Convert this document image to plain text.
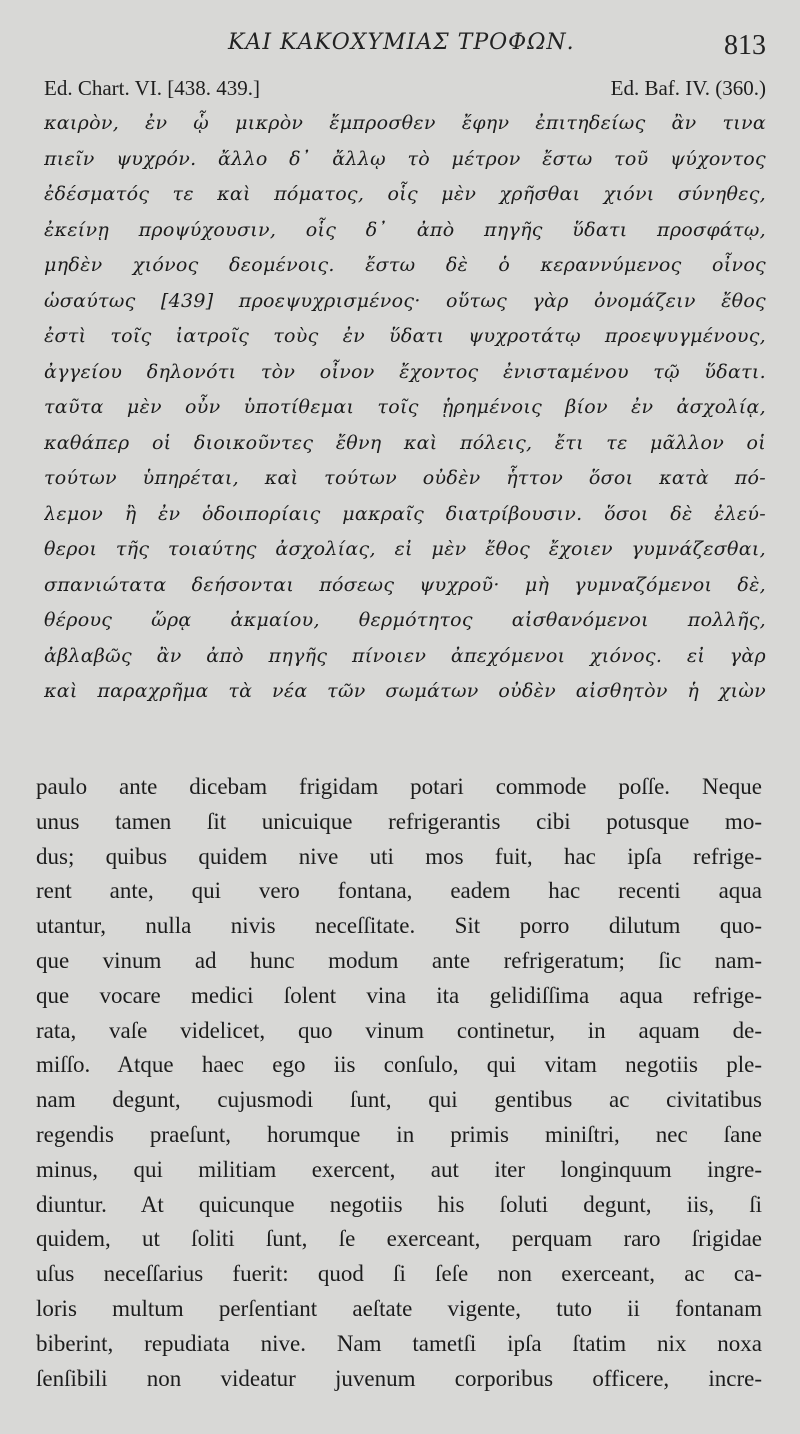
ΚΑΙ ΚΑΚΟΧΥΜΙΑΣ ΤΡΟΦΩΝ.	813
Ed. Chart. VI. [438. 439.]	Ed. Baf. IV. (360.)
καιρὸν, ἐν ᾧ μικρὸν ἔμπροσθεν ἔφην ἐπιτηδείως ἂν τινα
πιεῖν ψυχρόν. ἄλλο δ᾽ ἄλλῳ τὸ μέτρον ἔστω τοῦ ψύχοντος
ἐδέσματός τε καὶ πόματος, οἷς μὲν χρῆσθαι χιόνι σύνηθες,
ἐκείνῃ προψύχουσιν, οἷς δ᾽ ἀπὸ πηγῆς ὕδατι προσφάτῳ,
μηδὲν χιόνος δεομένοις. ἔστω δὲ ὁ κεραννύμενος οἶνος
ὡσαύτως [439] προεψυχρισμένος· οὕτως γὰρ ὀνομάζειν ἔθος
ἐστὶ τοῖς ἰατροῖς τοὺς ἐν ὕδατι ψυχροτάτῳ προεψυγμένους,
ἀγγείου δηλονότι τὸν οἶνον ἔχοντος ἐνισταμένου τῷ ὕδατι.
ταῦτα μὲν οὖν ὑποτίθεμαι τοῖς ᾑρημένοις βίον ἐν ἀσχολίᾳ,
καθάπερ οἱ διοικοῦντες ἔθνη καὶ πόλεις, ἔτι τε μᾶλλον οἱ
τούτων ὑπηρέται, καὶ τούτων οὐδὲν ἧττον ὅσοι κατὰ πό-
λεμον ἢ ἐν ὁδοιπορίαις μακραῖς διατρίβουσιν. ὅσοι δὲ ἐλεύ-
θεροι τῆς τοιαύτης ἀσχολίας, εἰ μὲν ἔθος ἔχοιεν γυμνάζεσθαι,
σπανιώτατα δεήσονται πόσεως ψυχροῦ· μὴ γυμναζόμενοι δὲ,
θέρους ὥρᾳ ἀκμαίου, θερμότητος αἰσθανόμενοι πολλῆς,
ἀβλαβῶς ἂν ἀπὸ πηγῆς πίνοιεν ἀπεχόμενοι χιόνος. εἰ γὰρ
καὶ παραχρῆμα τὰ νέα τῶν σωμάτων οὐδὲν αἰσθητὸν ἡ χιὼν
paulo ante dicebam frigidam potari commode poſſe. Neque
unus tamen ſit unicuique refrigerantis cibi potusque mo-
dus; quibus quidem nive uti mos fuit, hac ipſa refrige-
rent ante, qui vero fontana, eadem hac recenti aqua
utantur, nulla nivis neceſſitate. Sit porro dilutum quo-
que vinum ad hunc modum ante refrigeratum; ſic nam-
que vocare medici ſolent vina ita gelidiſſima aqua refrige-
rata, vaſe videlicet, quo vinum continetur, in aquam de-
miſſo. Atque haec ego iis conſulo, qui vitam negotiis ple-
nam degunt, cujusmodi ſunt, qui gentibus ac civitatibus
regendis praeſunt, horumque in primis miniſtri, nec ſane
minus, qui militiam exercent, aut iter longinquum ingre-
diuntur. At quicunque negotiis his ſoluti degunt, iis, ſi
quidem, ut ſoliti ſunt, ſe exerceant, perquam raro ſrigidae
uſus neceſſarius fuerit: quod ſi ſeſe non exerceant, ac ca-
loris multum perſentiant aeſtate vigente, tuto ii fontanam
biberint, repudiata nive. Nam tametſi ipſa ſtatim nix noxa
ſenſibili non videatur juvenum corporibus officere, incre-
